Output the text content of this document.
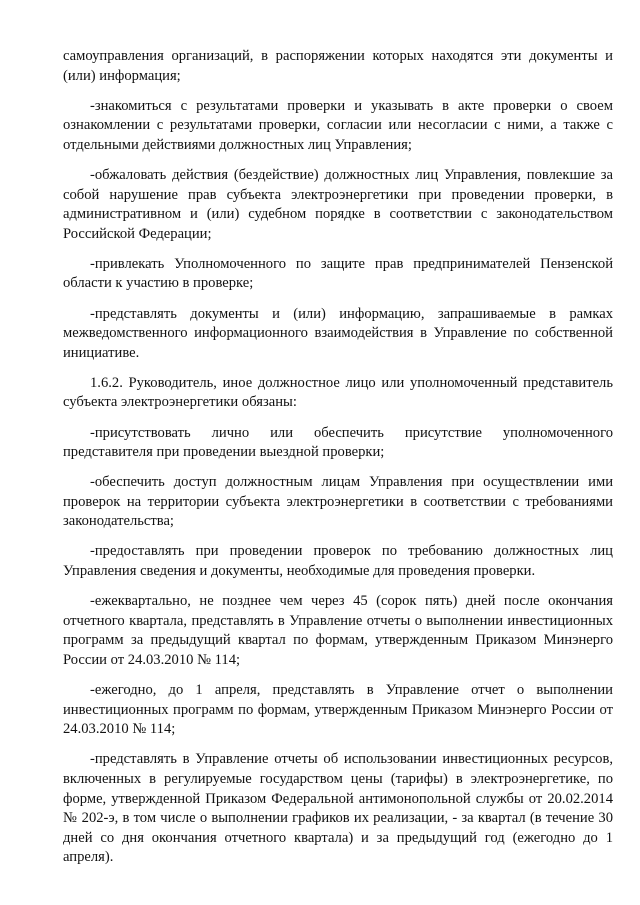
самоуправления организаций, в распоряжении которых находятся эти документы и (или) информация;

-знакомиться с результатами проверки и указывать в акте проверки о своем ознакомлении с результатами проверки, согласии или несогласии с ними, а также с отдельными действиями должностных лиц Управления;

-обжаловать действия (бездействие) должностных лиц Управления, повлекшие за собой нарушение прав субъекта электроэнергетики при проведении проверки, в административном и (или) судебном порядке в соответствии с законодательством Российской Федерации;

-привлекать Уполномоченного по защите прав предпринимателей Пензенской области к участию в проверке;

-представлять документы и (или) информацию, запрашиваемые в рамках межведомственного информационного взаимодействия в Управление по собственной инициативе.

1.6.2. Руководитель, иное должностное лицо или уполномоченный представитель субъекта электроэнергетики обязаны:

-присутствовать лично или обеспечить присутствие уполномоченного представителя при проведении выездной проверки;

-обеспечить доступ должностным лицам Управления при осуществлении ими проверок на территории субъекта электроэнергетики в соответствии с требованиями законодательства;

-предоставлять при проведении проверок по требованию должностных лиц Управления сведения и документы, необходимые для проведения проверки.

-ежеквартально, не позднее чем через 45 (сорок пять) дней после окончания отчетного квартала, представлять в Управление отчеты о выполнении инвестиционных программ за предыдущий квартал по формам, утвержденным Приказом Минэнерго России от 24.03.2010 № 114;

-ежегодно, до 1 апреля, представлять в Управление отчет о выполнении инвестиционных программ по формам, утвержденным Приказом Минэнерго России от 24.03.2010 № 114;

-представлять в Управление отчеты об использовании инвестиционных ресурсов, включенных в регулируемые государством цены (тарифы) в электроэнергетике, по форме, утвержденной Приказом Федеральной антимонопольной службы от 20.02.2014 № 202-э, в том числе о выполнении графиков их реализации, - за квартал (в течение 30 дней со дня окончания отчетного квартала) и за предыдущий год (ежегодно до 1 апреля).
